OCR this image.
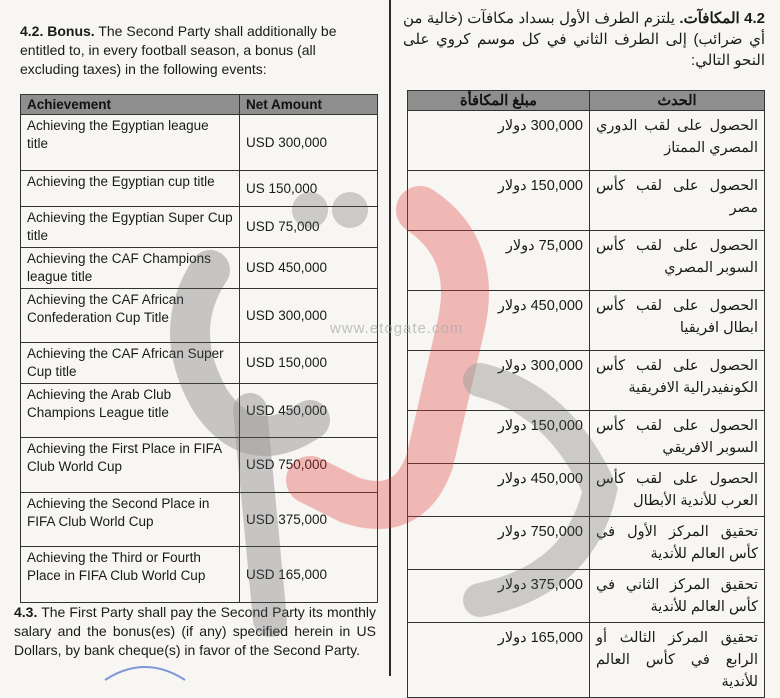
4.2. Bonus. The Second Party shall additionally be entitled to, in every football season, a bonus (all excluding taxes) in the following events:
Achievement	Net Amount
Achieving the Egyptian league title	USD 300,000
Achieving the Egyptian cup title	US 150,000
Achieving the Egyptian Super Cup title	USD 75,000
Achieving the CAF Champions league title	USD 450,000
Achieving the CAF African Confederation Cup Title	USD 300,000
Achieving the CAF African Super Cup title	USD 150,000
Achieving the Arab Club Champions League title	USD 450,000
Achieving the First Place in FIFA Club World Cup	USD 750,000
Achieving the Second Place in FIFA Club World Cup	USD 375,000
Achieving the Third or Fourth Place in FIFA Club World Cup	USD 165,000
4.3. The First Party shall pay the Second Party its monthly salary and the bonus(es) (if any) specified herein in US Dollars, by bank cheque(s) in favor of the Second Party.
4.2 المكافآت. يلتزم الطرف الأول بسداد مكافآت (خالية من أي ضرائب) إلى الطرف الثاني في كل موسم كروي على النحو التالي:
الحدث	مبلغ المكافأة
الحصول على لقب الدوري المصري الممتاز	300,000 دولار
الحصول على لقب كأس مصر	150,000 دولار
الحصول على لقب كأس السوبر المصري	75,000 دولار
الحصول على لقب كأس ابطال افريقيا	450,000 دولار
الحصول على لقب كأس الكونفيدرالية الافريقية	300,000 دولار
الحصول على لقب كأس السوبر الافريقي	150,000 دولار
الحصول على لقب كأس العرب للأندية الأبطال	450,000 دولار
تحقيق المركز الأول في كأس العالم للأندية	750,000 دولار
تحقيق المركز الثاني في كأس العالم للأندية	375,000 دولار
تحقيق المركز الثالث أو الرابع في كأس العالم للأندية	165,000 دولار
www.etogate.com
